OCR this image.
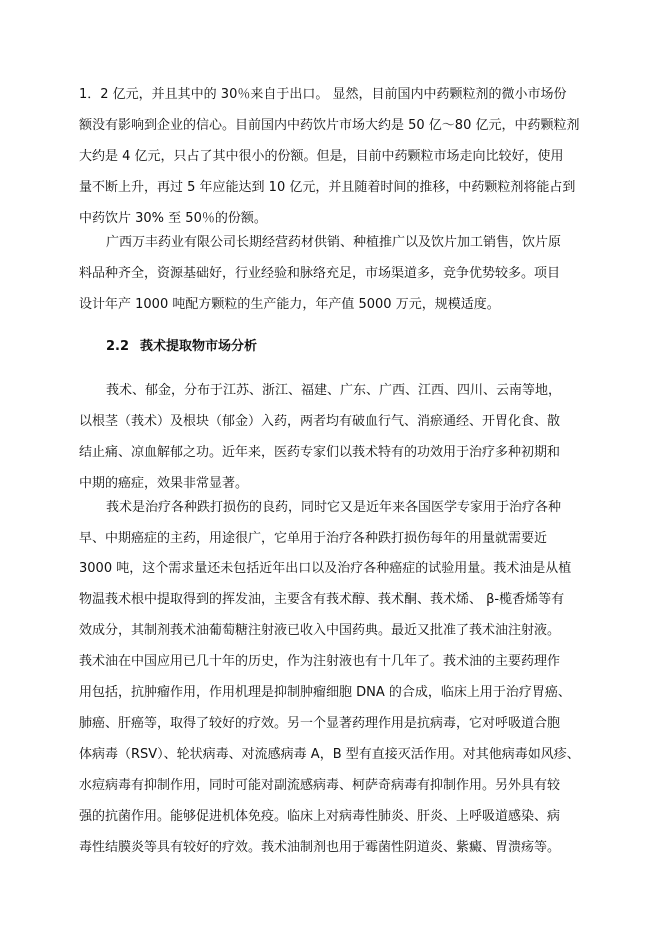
1．2 亿元，并且其中的 30％来自于出口。 显然，目前国内中药颗粒剂的微小市场份
额没有影响到企业的信心。目前国内中药饮片市场大约是 50 亿～80 亿元，中药颗粒剂
大约是 4 亿元，只占了其中很小的份额。但是，目前中药颗粒市场走向比较好，使用
量不断上升，再过 5 年应能达到 10 亿元，并且随着时间的推移，中药颗粒剂将能占到
中药饮片 30% 至 50％的份额。
广西万丰药业有限公司长期经营药材供销、种植推广以及饮片加工销售，饮片原
料品种齐全，资源基础好，行业经验和脉络充足，市场渠道多，竞争优势较多。项目
设计年产 1000 吨配方颗粒的生产能力，年产值 5000 万元，规模适度。
2.2 莪术提取物市场分析
莪术、郁金，分布于江苏、浙江、福建、广东、广西、江西、四川、云南等地，
以根茎（莪术）及根块（郁金）入药，两者均有破血行气、消瘀通经、开胃化食、散
结止痛、凉血解郁之功。近年来，医药专家们以莪术特有的功效用于治疗多种初期和
中期的癌症，效果非常显著。
莪术是治疗各种跌打损伤的良药，同时它又是近年来各国医学专家用于治疗各种
早、中期癌症的主药，用途很广，它单用于治疗各种跌打损伤每年的用量就需要近
3000 吨，这个需求量还未包括近年出口以及治疗各种癌症的试验用量。莪术油是从植
物温莪术根中提取得到的挥发油，主要含有莪术醇、莪术酮、莪术烯、 β-榄香烯等有
效成分，其制剂莪术油葡萄糖注射液已收入中国药典。最近又批准了莪术油注射液。
莪术油在中国应用已几十年的历史，作为注射液也有十几年了。莪术油的主要药理作
用包括，抗肿瘤作用，作用机理是抑制肿瘤细胞 DNA 的合成，临床上用于治疗胃癌、
肺癌、肝癌等，取得了较好的疗效。另一个显著药理作用是抗病毒，它对呼吸道合胞
体病毒（RSV）、轮状病毒、对流感病毒 A，B 型有直接灭活作用。对其他病毒如风疹、
水痘病毒有抑制作用，同时可能对副流感病毒、柯萨奇病毒有抑制作用。另外具有较
强的抗菌作用。能够促进机体免疫。临床上对病毒性肺炎、肝炎、上呼吸道感染、病
毒性结膜炎等具有较好的疗效。莪术油制剂也用于霉菌性阴道炎、紫癜、胃溃疡等。
